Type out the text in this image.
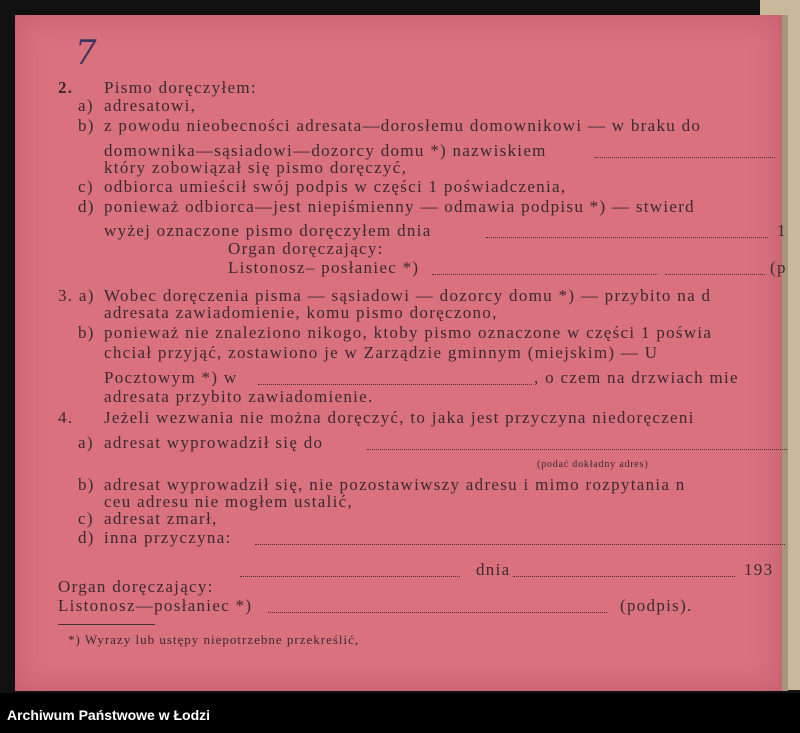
7
2. Pismo doręczyłem:
a) adresatowi,
b) z powodu nieobecności adresata—dorosłemu domownikowi — w braku do
domownika—sąsiadowi—dozorcy domu *) nazwiskiem
który zobowiązał się pismo doręczyć,
c) odbiorca umieścił swój podpis w części 1 poświadczenia,
d) ponieważ odbiorca—jest niepiśmienny — odmawia podpisu *) — stwierd
wyżej oznaczone pismo doręczyłem dnia	1
Organ doręczający:
Listonosz– posłaniec *)	(p
3. a) Wobec doręczenia pisma — sąsiadowi — dozorcy domu *) — przybito na d
adresata zawiadomienie, komu pismo doręczono,
b) ponieważ nie znaleziono nikogo, ktoby pismo oznaczone w części 1 poświa
chciał przyjąć, zostawiono je w Zarządzie gminnym (miejskim) — U
Pocztowym *) w	, o czem na drzwiach mie
adresata przybito zawiadomienie.
4. Jeżeli wezwania nie można doręczyć, to jaka jest przyczyna niedoręczeni
a) adresat wyprowadził się do
(podać dokładny adres)
b) adresat wyprowadził się, nie pozostawiwszy adresu i mimo rozpytania n
ceu adresu nie mogłem ustalić,
c) adresat zmarł,
d) inna przyczyna:
dnia	193
Organ doręczający:
Listonosz—posłaniec *)	(podpis).
*) Wyrazy lub ustępy niepotrzebne przekreślić,
Archiwum Państwowe w Łodzi
